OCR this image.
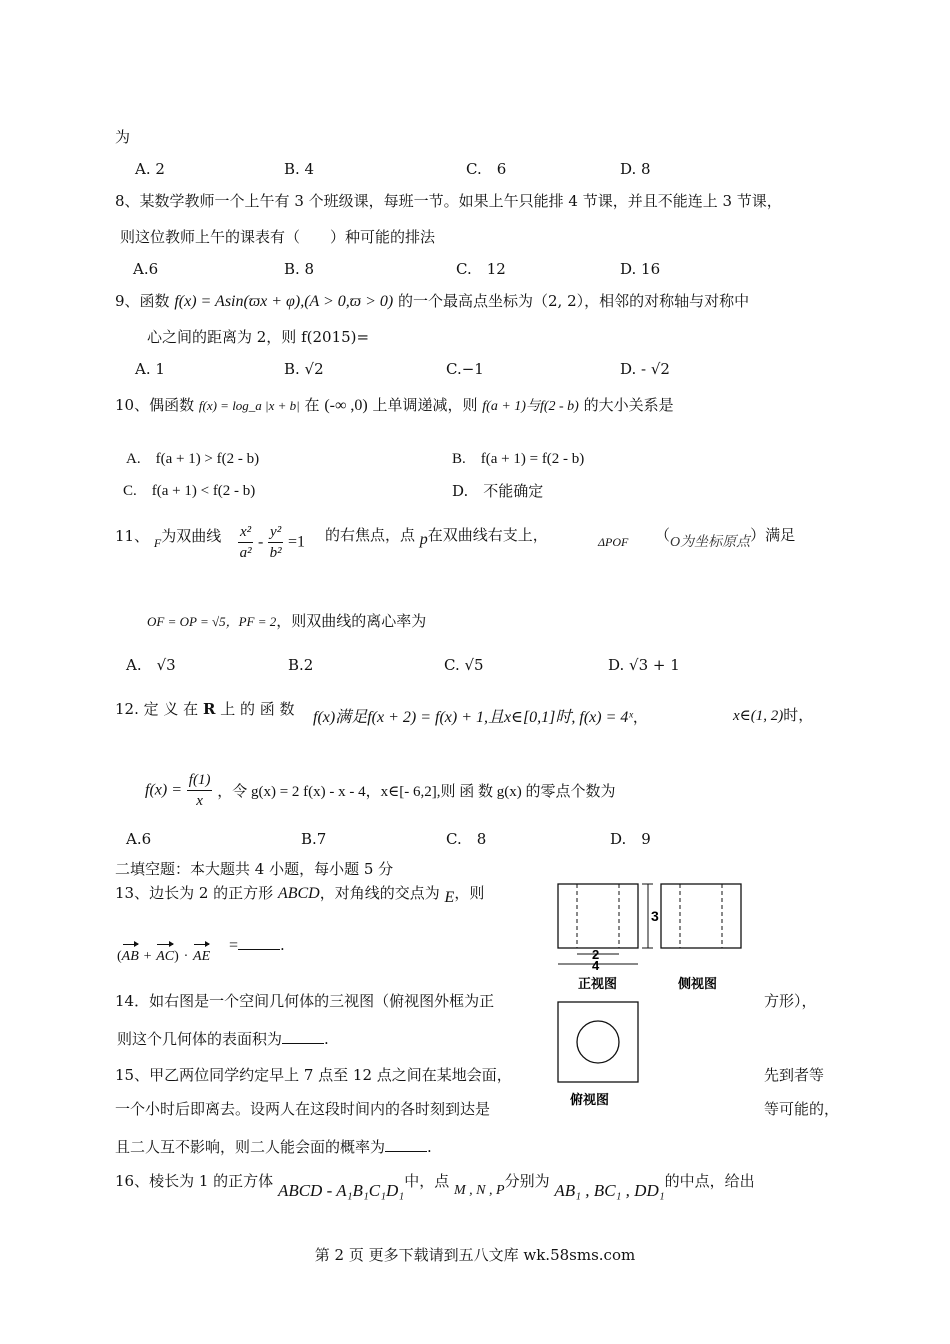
为
A. 2	B. 4	C.　6	D. 8
8、某数学教师一个上午有 3 个班级课，每班一节。如果上午只能排 4 节课，并且不能连上 3 节课，
则这位教师上午的课表有（　　）种可能的排法
A.6	B. 8	C.　12	D. 16
9、函数 f(x) = Asin(ϖx + φ),(A > 0,ϖ > 0) 的一个最高点坐标为（2, 2），相邻的对称轴与对称中
心之间的距离为 2，则 f(2015)=
A. 1	B. √2	C.−1	D. - √2
10、偶函数 f(x) = log_a |x + b| 在 (-∞ ,0) 上单调递减，则 f(a + 1)与f(2 - b) 的大小关系是
A.　f(a + 1) > f(2 - b)	B.　f(a + 1) = f(2 - b)
C.　f(a + 1) < f(2 - b)	D.　不能确定
11、 $_F$为双曲线 $\frac{\text{x²}}{\text{a²}} - \frac{\text{y²}}{\text{b²}} =1$ 的右焦点，点 p在双曲线右支上，	ΔPOF （O为坐标原点）满足
OF = OP = √5，PF = 2，则双曲线的离心率为
A.　√3	B.2	C. √5	D. √3 + 1
12. 定 义 在 R 上 的 函 数 f(x)满足f(x + 2) = f(x) + 1,且x∈[0,1]时, f(x) = 4ˣ，	x∈(1, 2)时，
$f(x) = \frac{f(1)}{x}$ ，令 g(x) = 2 f(x) - x - 4，x∈[- 6,2],则 函 数 g(x) 的零点个数为
A.6	B.7	C.　8	D.　9
二填空题：本大题共 4 小题，每小题 5 分
13、边长为 2 的正方形 ABCD，对角线的交点为 E，则
(AB + AC) · AE
=	.
14．如右图是一个空间几何体的三视图（俯视图外框为正	方形），
则这个几何体的表面积为	.
15、甲乙两位同学约定早上 7 点至 12 点之间在某地会面，	先到者等
一个小时后即离去。设两人在这段时间内的各时刻到达是	等可能的，
且二人互不影响，则二人能会面的概率为	.
16、棱长为 1 的正方体 ABCD - A₁B₁C₁D₁中，点 M , N , P分别为 AB₁ , BC₁ , DD₁的中点，给出
3
2
4
正视图	侧视图
俯视图
第 2 页 更多下载请到五八文库 wk.58sms.com
